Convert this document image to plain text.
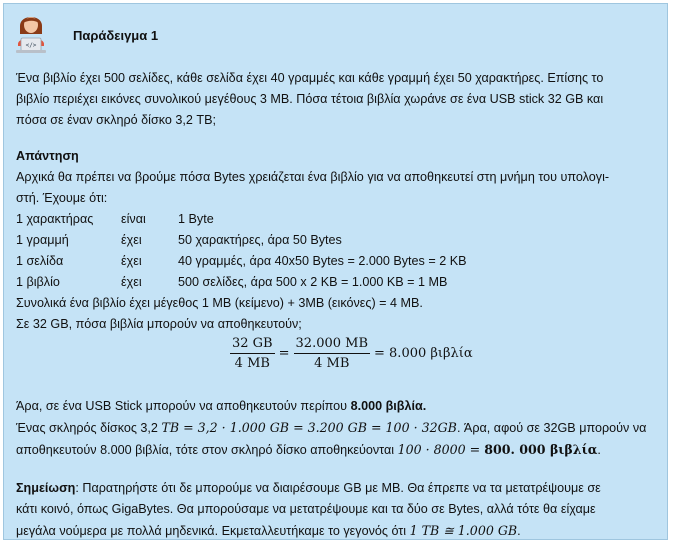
</>
Παράδειγμα 1
Ένα βιβλίο έχει 500 σελίδες, κάθε σελίδα έχει 40 γραμμές και κάθε γραμμή έχει 50 χαρακτήρες. Επίσης το
βιβλίο περιέχει εικόνες συνολικού μεγέθους 3 MB. Πόσα τέτοια βιβλία χωράνε σε ένα USB stick 32 GB και
πόσα σε έναν σκληρό δίσκο 3,2 TB;
Απάντηση
Αρχικά θα πρέπει να βρούμε πόσα Bytes χρειάζεται ένα βιβλίο για να αποθηκευτεί στη μνήμη του υπολογι-
στή. Έχουμε ότι:
1 χαρακτήρας	είναι	1 Byte
1 γραμμή	έχει	50 χαρακτήρες, άρα 50 Bytes
1 σελίδα	έχει	40 γραμμές, άρα 40x50 Bytes = 2.000 Bytes = 2 KB
1 βιβλίο	έχει	500 σελίδες, άρα 500 x 2 KB = 1.000 KB = 1 MB
Συνολικά ένα βιβλίο έχει μέγεθος 1 MB (κείμενο) + 3MB (εικόνες) = 4 MB.
Σε 32 GB, πόσα βιβλία μπορούν να αποθηκευτούν;
$\frac{32 GB}{4 MB} = \frac{32.000 MB}{4 MB} = 8.000$ βιβλία
Άρα, σε ένα USB Stick μπορούν να αποθηκευτούν περίπου 8.000 βιβλία.
Ένας σκληρός δίσκος 3,2 TB = 3,2 · 1.000 GB = 3.200 GB = 100 · 32GB. Άρα, αφού σε 32GB μπορούν να
αποθηκευτούν 8.000 βιβλία, τότε στον σκληρό δίσκο αποθηκεύονται 100 · 8000 = 800. 000 βιβλία.
Σημείωση: Παρατηρήστε ότι δε μπορούμε να διαιρέσουμε GB με MB. Θα έπρεπε να τα μετατρέψουμε σε
κάτι κοινό, όπως GigaBytes. Θα μπορούσαμε να μετατρέψουμε και τα δύο σε Bytes, αλλά τότε θα είχαμε
μεγάλα νούμερα με πολλά μηδενικά. Εκμεταλλευτήκαμε το γεγονός ότι 1 TB ≅ 1.000 GB.
